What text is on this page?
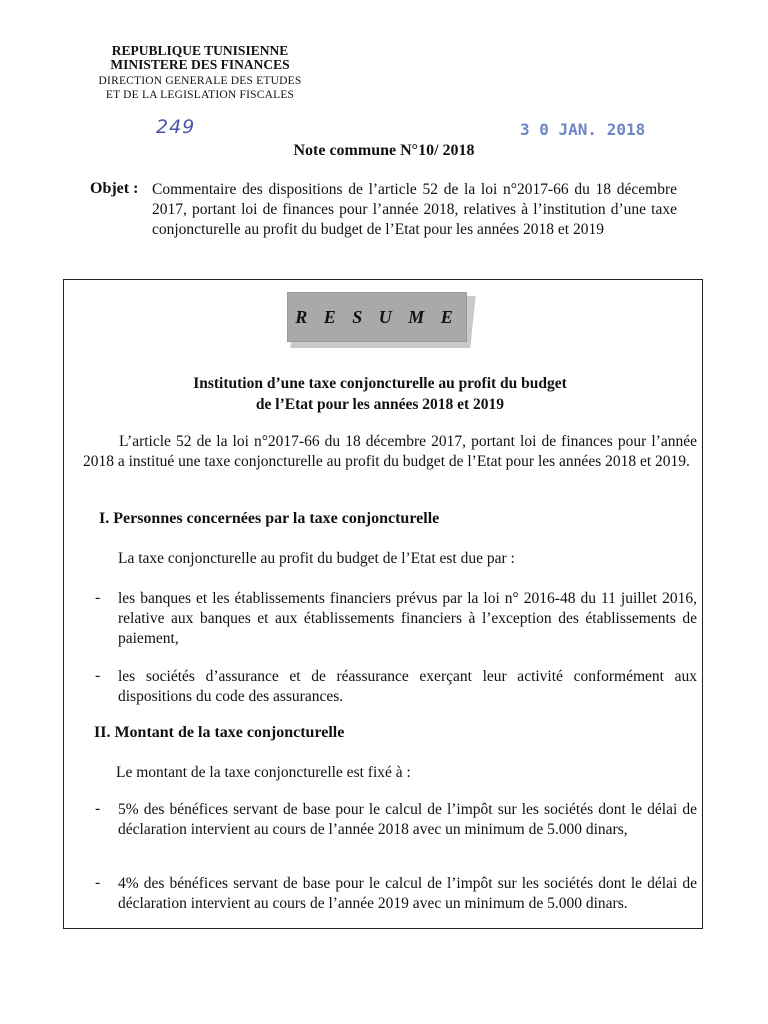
REPUBLIQUE TUNISIENNE
MINISTERE DES FINANCES
DIRECTION GENERALE DES ETUDES
ET DE LA LEGISLATION FISCALES
249	3 0 JAN. 2018
Note commune N°10/ 2018
Objet : Commentaire des dispositions de l’article 52 de la loi n°2017-66 du 18 décembre 2017, portant loi de finances pour l’année 2018, relatives à l’institution d’une taxe conjoncturelle au profit du budget de l’Etat pour les années 2018 et 2019
R E S U M E
Institution d’une taxe conjoncturelle au profit du budget
de l’Etat pour les années 2018 et 2019
L’article 52 de la loi n°2017-66 du 18 décembre 2017, portant loi de finances pour l’année 2018 a institué une taxe conjoncturelle au profit du budget de l’Etat pour les années 2018 et 2019.
I. Personnes concernées par la taxe conjoncturelle
La taxe conjoncturelle au profit du budget de l’Etat est due par :
- les banques et les établissements financiers prévus par la loi n° 2016-48 du 11 juillet 2016, relative aux banques et aux établissements financiers à l’exception des établissements de paiement,
- les sociétés d’assurance et de réassurance exerçant leur activité conformément aux dispositions du code des assurances.
II. Montant de la taxe conjoncturelle
Le montant de la taxe conjoncturelle est fixé à :
- 5% des bénéfices servant de base pour le calcul de l’impôt sur les sociétés dont le délai de déclaration intervient au cours de l’année 2018 avec un minimum de 5.000 dinars,
- 4% des bénéfices servant de base pour le calcul de l’impôt sur les sociétés dont le délai de déclaration intervient au cours de l’année 2019 avec un minimum de 5.000 dinars.
